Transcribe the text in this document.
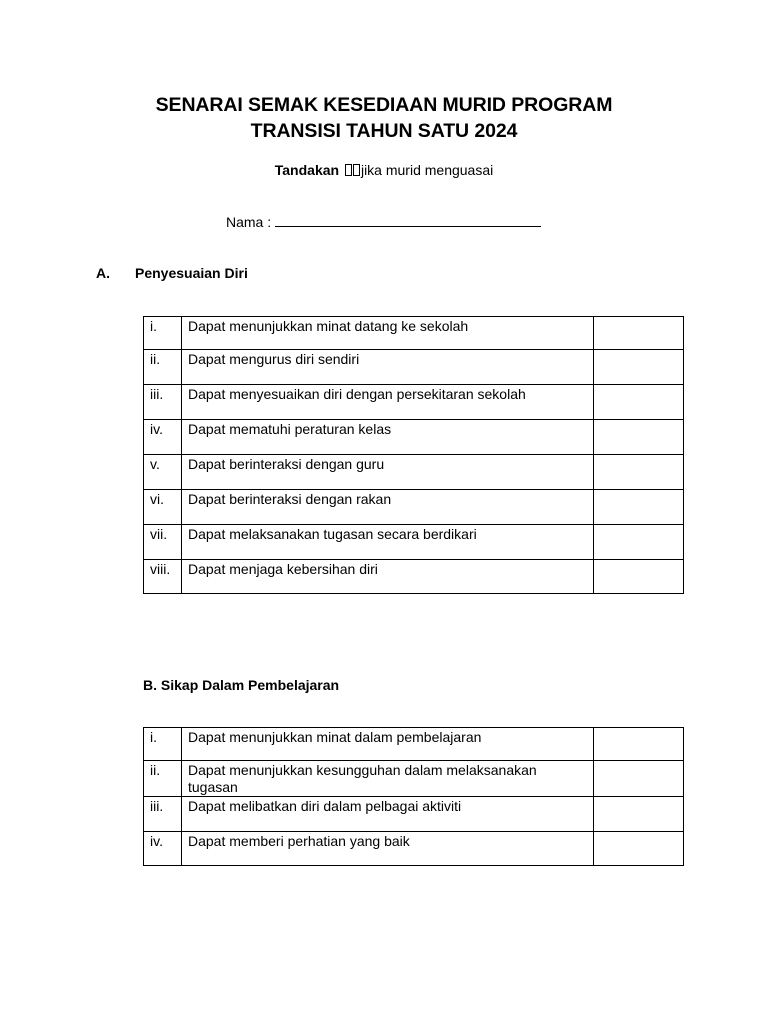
SENARAI SEMAK KESEDIAAN MURID PROGRAM
TRANSISI TAHUN SATU 2024
Tandakan jika murid menguasai
Nama :
A. Penyesuaian Diri
i.	Dapat menunjukkan minat datang ke sekolah	
ii.	Dapat mengurus diri sendiri	
iii.	Dapat menyesuaikan diri dengan persekitaran sekolah	
iv.	Dapat mematuhi peraturan kelas	
v.	Dapat berinteraksi dengan guru	
vi.	Dapat berinteraksi dengan rakan	
vii.	Dapat melaksanakan tugasan secara berdikari	
viii.	Dapat menjaga kebersihan diri	
B. Sikap Dalam Pembelajaran
i.	Dapat menunjukkan minat dalam pembelajaran	
ii.	Dapat menunjukkan kesungguhan dalam melaksanakan tugasan	
iii.	Dapat melibatkan diri dalam pelbagai aktiviti	
iv.	Dapat memberi perhatian yang baik	
